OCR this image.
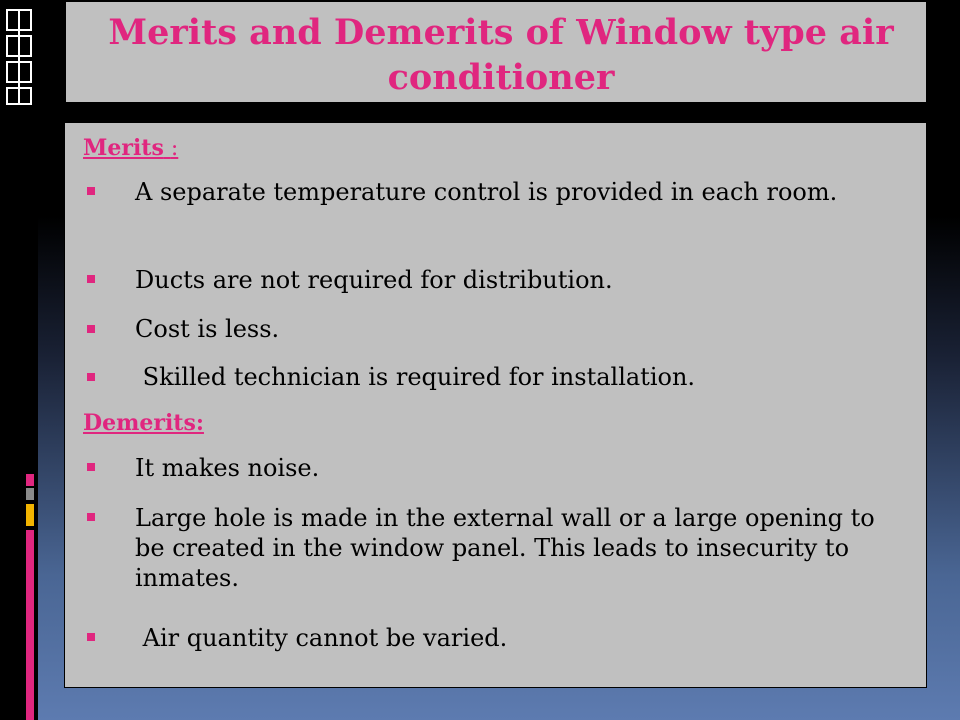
Merits and Demerits of Window type air
conditioner
Merits :
A separate temperature control is provided in each room.
Ducts are not required for distribution.
Cost is less.
Skilled technician is required for installation.
Demerits:
It makes noise.
Large hole is made in the external wall or a large opening to be created in the window panel. This leads to insecurity to inmates.
Air quantity cannot be varied.
